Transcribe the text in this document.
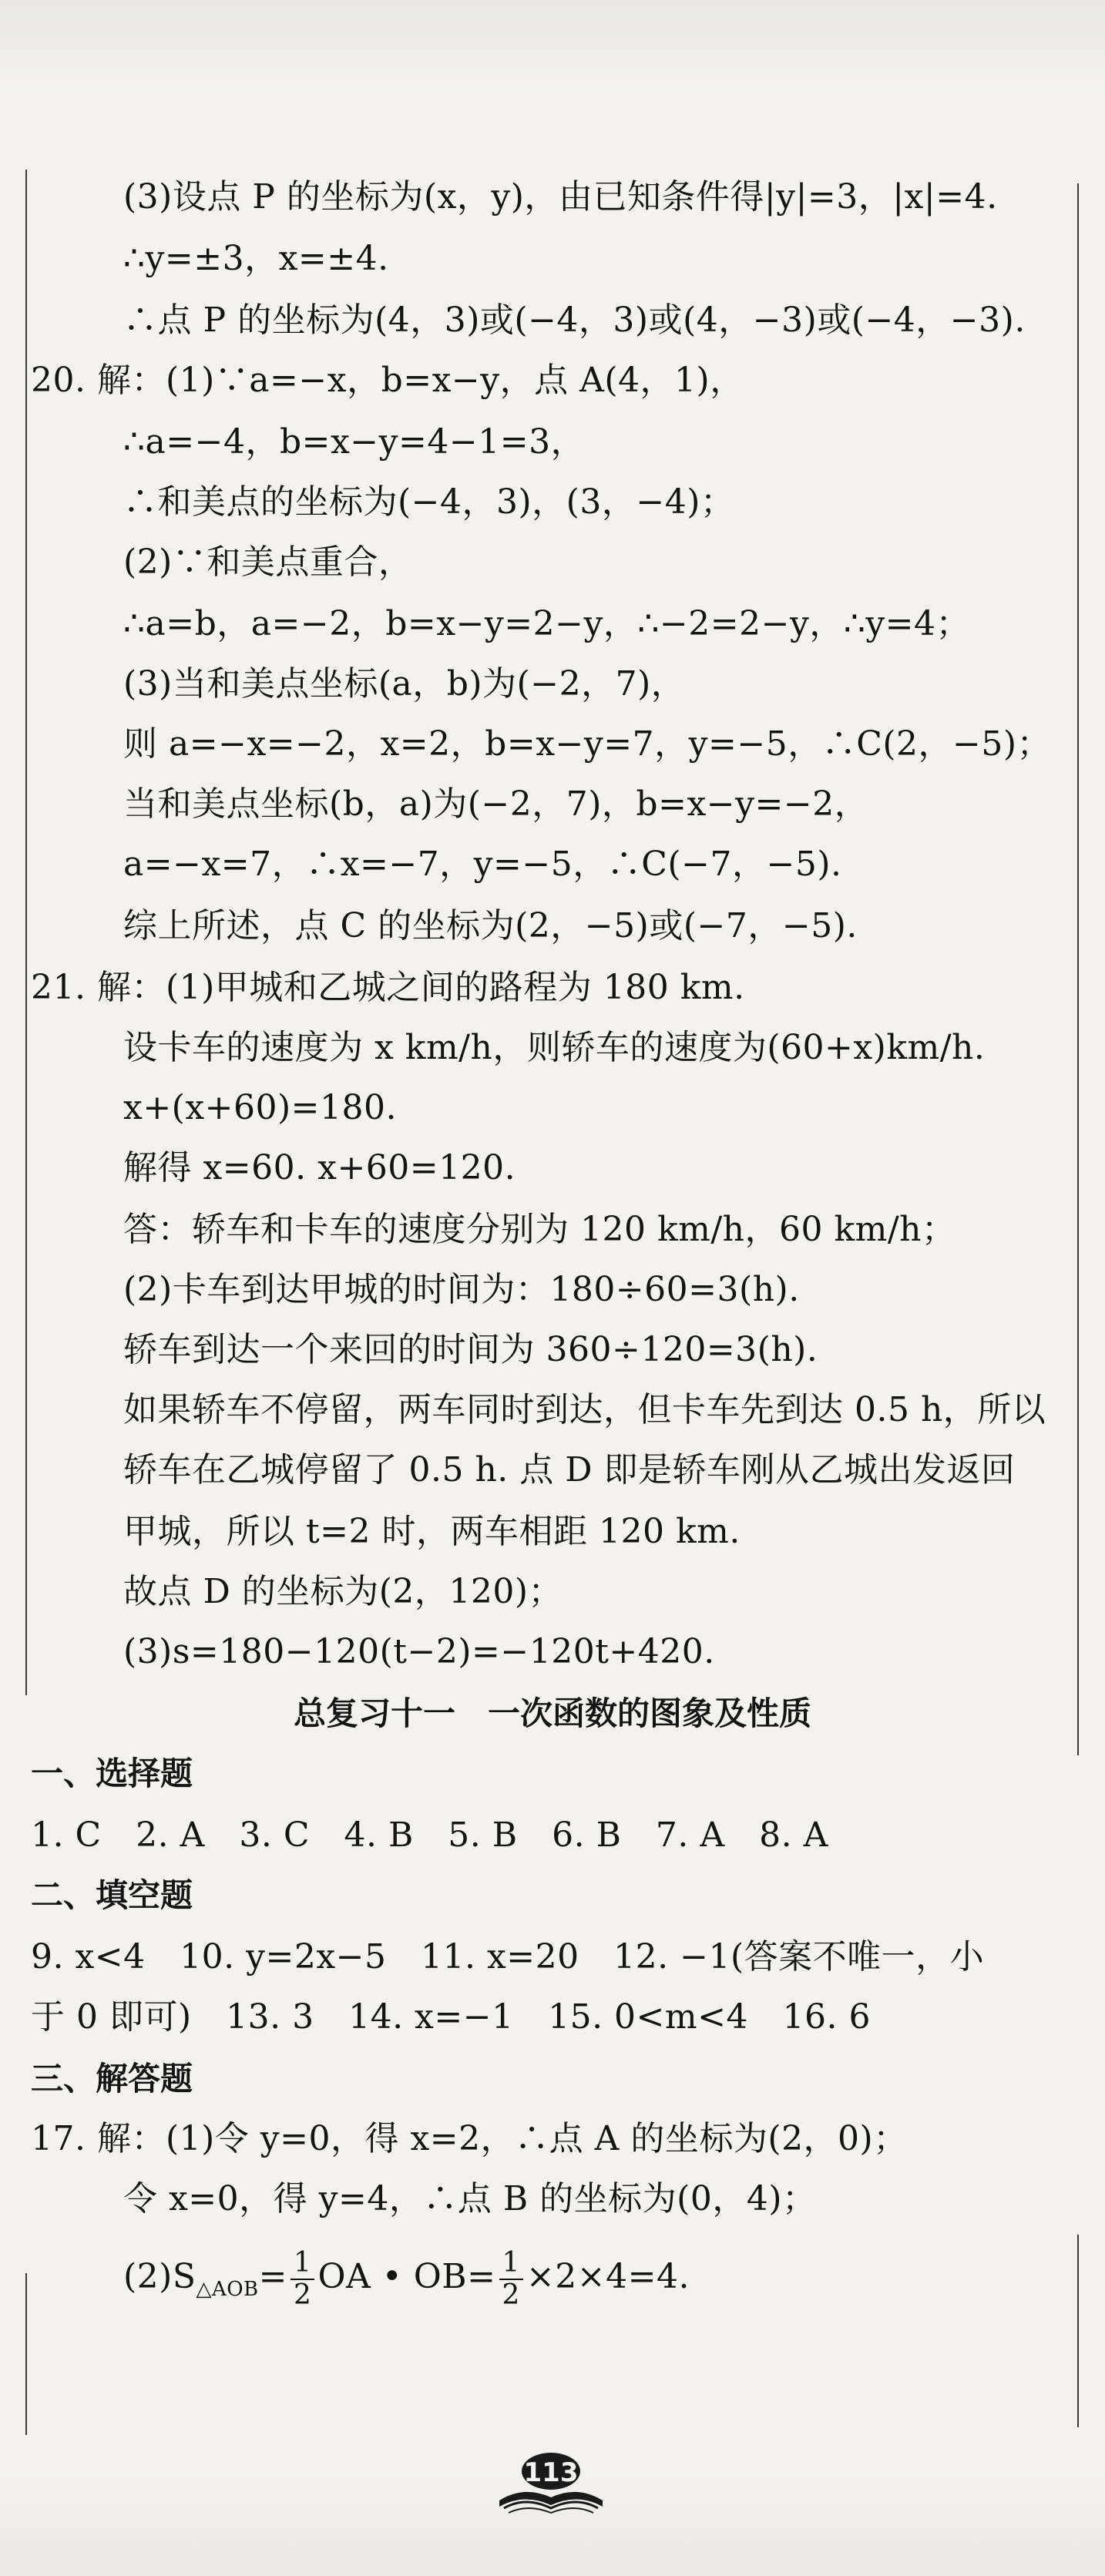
(3)设点 P 的坐标为(x，y)，由已知条件得|y|=3，|x|=4.
∴y=±3，x=±4.
∴点 P 的坐标为(4，3)或(−4，3)或(4，−3)或(−4，−3).
20. 解：(1)∵a=−x，b=x−y，点 A(4，1)，
∴a=−4，b=x−y=4−1=3，
∴和美点的坐标为(−4，3)，(3，−4)；
(2)∵和美点重合，
∴a=b，a=−2，b=x−y=2−y，∴−2=2−y，∴y=4；
(3)当和美点坐标(a，b)为(−2，7)，
则 a=−x=−2，x=2，b=x−y=7，y=−5，∴C(2，−5)；
当和美点坐标(b，a)为(−2，7)，b=x−y=−2，
a=−x=7，∴x=−7，y=−5，∴C(−7，−5).
综上所述，点 C 的坐标为(2，−5)或(−7，−5).
21. 解：(1)甲城和乙城之间的路程为 180 km.
设卡车的速度为 x km/h，则轿车的速度为(60+x)km/h.
x+(x+60)=180.
解得 x=60. x+60=120.
答：轿车和卡车的速度分别为 120 km/h，60 km/h；
(2)卡车到达甲城的时间为：180÷60=3(h).
轿车到达一个来回的时间为 360÷120=3(h).
如果轿车不停留，两车同时到达，但卡车先到达 0.5 h，所以
轿车在乙城停留了 0.5 h. 点 D 即是轿车刚从乙城出发返回
甲城，所以 t=2 时，两车相距 120 km.
故点 D 的坐标为(2，120)；
(3)s=180−120(t−2)=−120t+420.
总复习十一　一次函数的图象及性质
一、选择题
1. C　2. A　3. C　4. B　5. B　6. B　7. A　8. A
二、填空题
9. x<4　10. y=2x−5　11. x=20　12. −1(答案不唯一，小
于 0 即可)　13. 3　14. x=−1　15. 0<m<4　16. 6
三、解答题
17. 解：(1)令 y=0，得 x=2，∴点 A 的坐标为(2，0)；
令 x=0，得 y=4，∴点 B 的坐标为(0，4)；
$(2)S_{\triangle AOB}= \frac{1}{2}$ OA • $OB= \frac{1}{2} \times 2\times 4=4$.
113
